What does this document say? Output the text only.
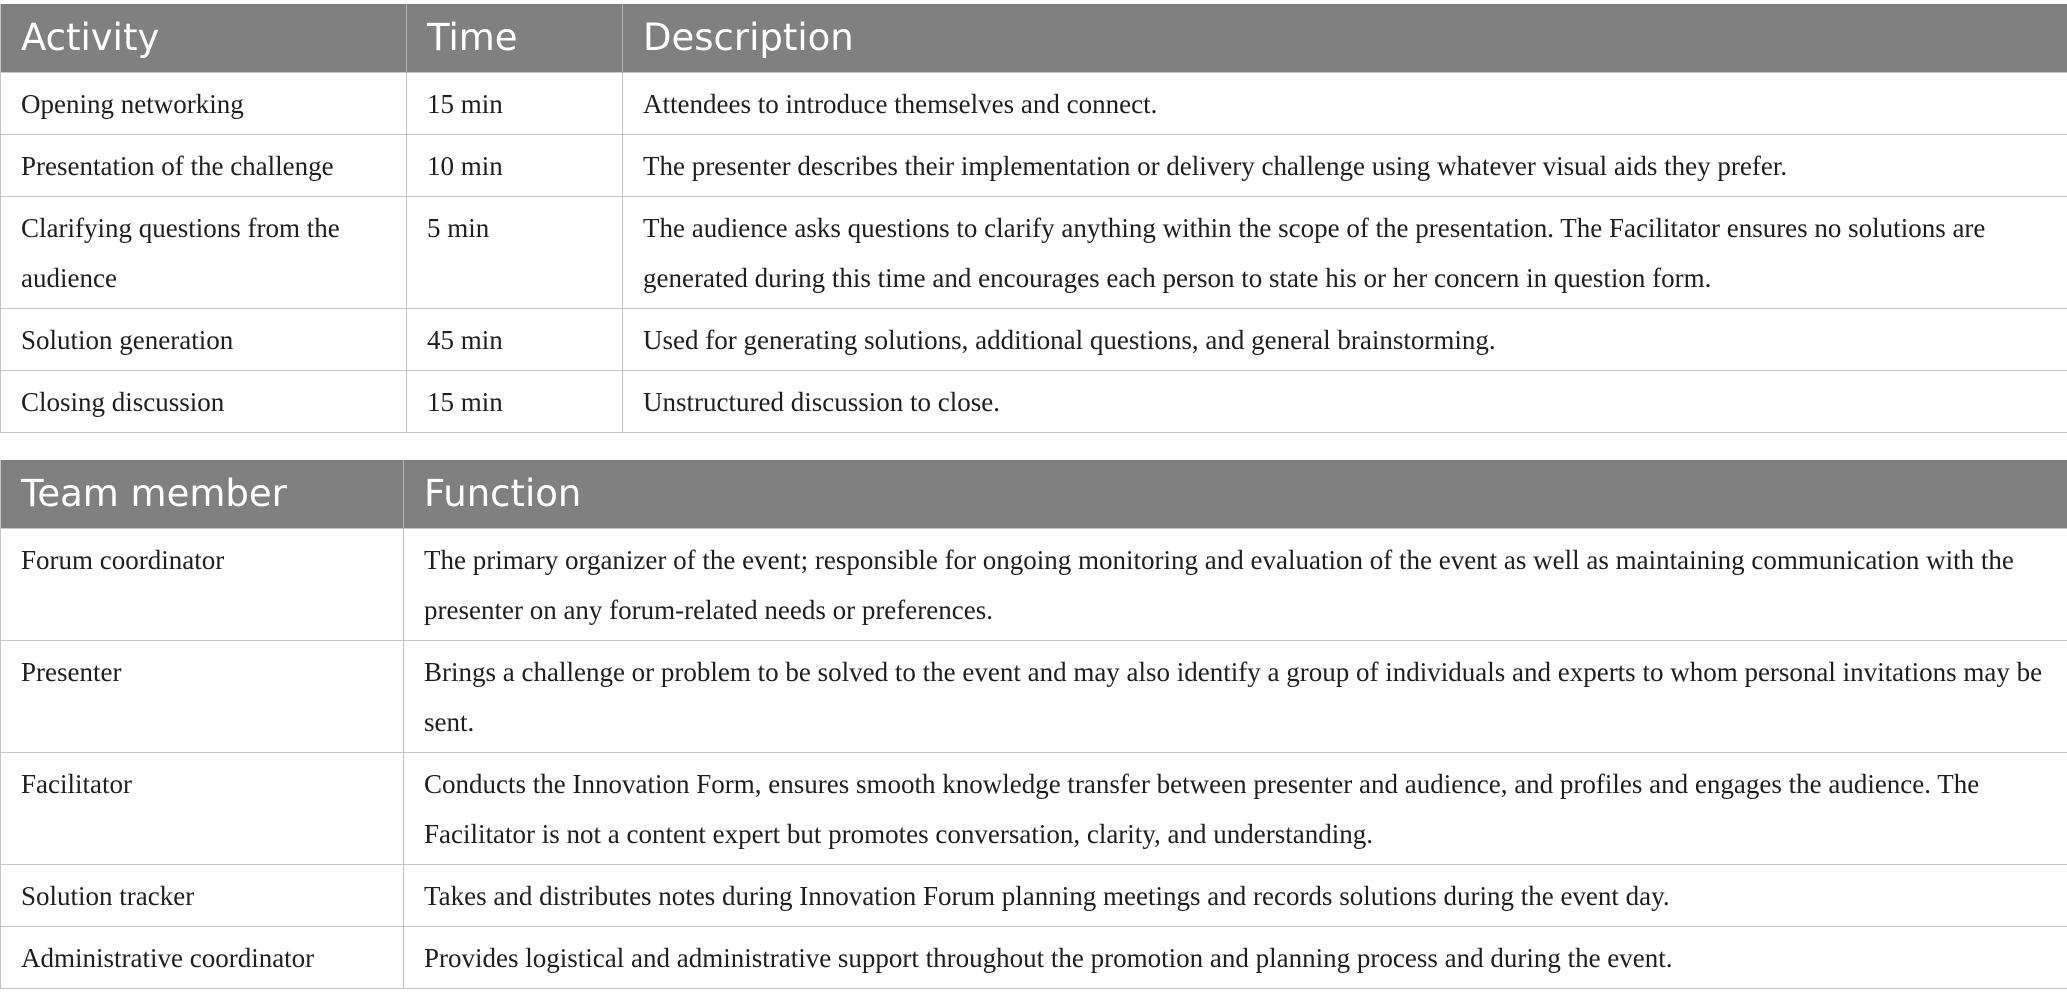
Activity	Time	Description
Opening networking	15 min	Attendees to introduce themselves and connect.
Presentation of the challenge	10 min	The presenter describes their implementation or delivery challenge using whatever visual aids they prefer.
Clarifying questions from the audience	5 min	The audience asks questions to clarify anything within the scope of the presentation. The Facilitator ensures no solutions are generated during this time and encourages each person to state his or her concern in question form.
Solution generation	45 min	Used for generating solutions, additional questions, and general brainstorming.
Closing discussion	15 min	Unstructured discussion to close.
Team member	Function
Forum coordinator	The primary organizer of the event; responsible for ongoing monitoring and evaluation of the event as well as maintaining communication with the presenter on any forum-related needs or preferences.
Presenter	Brings a challenge or problem to be solved to the event and may also identify a group of individuals and experts to whom personal invitations may be sent.
Facilitator	Conducts the Innovation Form, ensures smooth knowledge transfer between presenter and audience, and profiles and engages the audience. The Facilitator is not a content expert but promotes conversation, clarity, and understanding.
Solution tracker	Takes and distributes notes during Innovation Forum planning meetings and records solutions during the event day.
Administrative coordinator	Provides logistical and administrative support throughout the promotion and planning process and during the event.
